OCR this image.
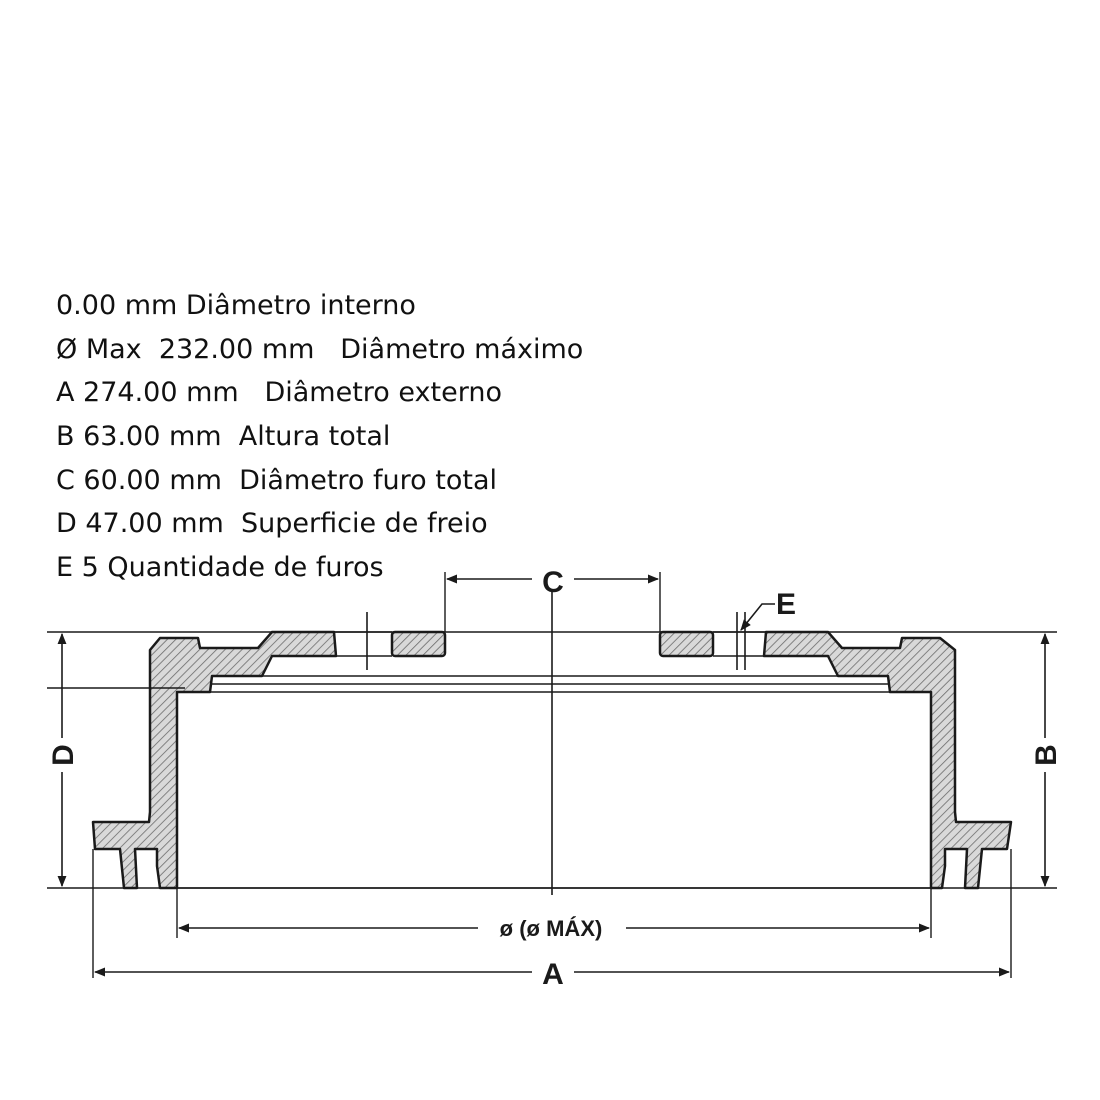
0.00 mm Diâmetro interno
Ø Max  232.00 mm   Diâmetro máximo
A 274.00 mm   Diâmetro externo
B 63.00 mm  Altura total
C 60.00 mm  Diâmetro furo total
D 47.00 mm  Superficie de freio
E 5 Quantidade de furos	C
E
D	B
ø (ø MÁX)
A
